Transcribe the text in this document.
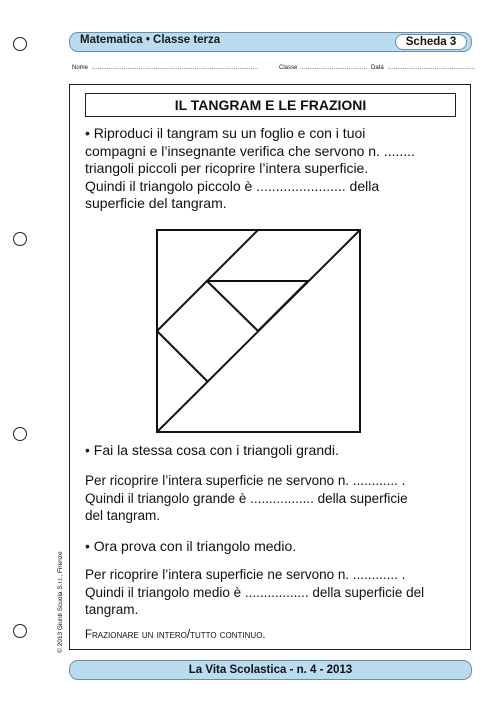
Matematica • Classe terza	Scheda 3
Nome .........................................................................................	Classe .................................... Data ...............................................
IL TANGRAM E LE FRAZIONI
• Riproduci il tangram su un foglio e con i tuoi
compagni e l’insegnante verifica che servono n. ........
triangoli piccoli per ricoprire l’intera superficie.
Quindi il triangolo piccolo è ....................... della
superficie del tangram.
• Fai la stessa cosa con i triangoli grandi.
Per ricoprire l’intera superficie ne servono n. ............ .
Quindi il triangolo grande è ................. della superficie
del tangram.
• Ora prova con il triangolo medio.
Per ricoprire l’intera superficie ne servono n. ............ .
Quindi il triangolo medio è ................. della superficie del
tangram.
Frazionare un intero/tutto continuo.
© 2013 Giunti Scuola S.r.l., Firenze
La Vita Scolastica - n. 4 - 2013
